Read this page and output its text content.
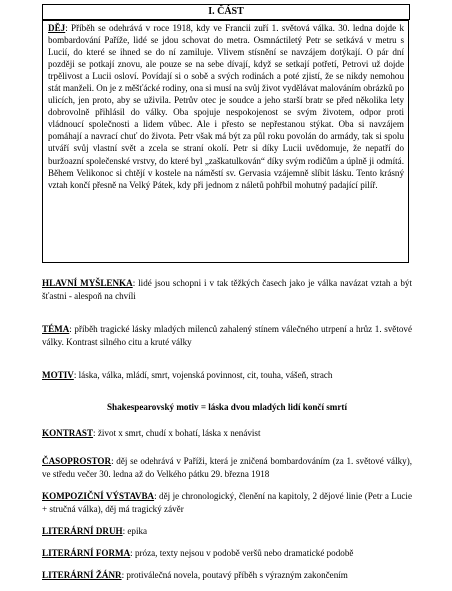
I. ČÁST

DĚJ: Příběh se odehrává v roce 1918, kdy ve Francii zuří 1. světová válka. 30. ledna dojde k bombardování Paříže, lidé se jdou schovat do metra. Osmnáctiletý Petr se setkává v metru s Lucií, do které se ihned se do ní zamiluje. Vlivem stísnění se navzájem dotýkají. O pár dní později se potkají znovu, ale pouze se na sebe dívají, když se setkají potřetí, Petrovi už dojde trpělivost a Lucii osloví. Povídají si o sobě a svých rodinách a poté zjistí, že se nikdy nemohou stát manželi. On je z měšťácké rodiny, ona si musí na svůj život vydělávat malováním obrázků po ulicích, jen proto, aby se uživila. Petrův otec je soudce a jeho starší bratr se před několika lety dobrovolně přihlásil do války. Oba spojuje nespokojenost se svým životem, odpor proti vládnoucí společnosti a lidem vůbec. Ale i přesto se nepřestanou stýkat. Oba si navzájem pomáhají a navrací chuť do života. Petr však má být za půl roku povolán do armády, tak si spolu utváří svůj vlastní svět a zcela se straní okolí. Petr si díky Lucii uvědomuje, že nepatří do buržoazní společenské vrstvy, do které byl „zaškatulkován“ díky svým rodičům a úplně ji odmítá. Během Velikonoc si chtějí v kostele na náměstí sv. Gervasia vzájemně slíbit lásku. Tento krásný vztah končí přesně na Velký Pátek, kdy při jednom z náletů pohřbil mohutný padající pilíř.

HLAVNÍ MYŠLENKA: lidé jsou schopni i v tak těžkých časech jako je válka navázat vztah a být šťastni - alespoň na chvíli

TÉMA: příběh tragické lásky mladých milenců zahalený stínem válečného utrpení a hrůz 1. světové války. Kontrast silného citu a kruté války

MOTIV: láska, válka, mládí, smrt, vojenská povinnost, cit, touha, vášeň, strach

Shakespearovský motiv = láska dvou mladých lidí končí smrtí

KONTRAST: život x smrt, chudí x bohatí, láska x nenávist

ČASOPROSTOR: děj se odehrává v Paříži, která je zničená bombardováním (za 1. světové války), ve středu večer 30. ledna až do Velkého pátku 29. března 1918

KOMPOZIČNÍ VÝSTAVBA: děj je chronologický, členění na kapitoly, 2 dějové linie (Petr a Lucie + stručná válka), děj má tragický závěr

LITERÁRNÍ DRUH: epika

LITERÁRNÍ FORMA: próza, texty nejsou v podobě veršů nebo dramatické podobě

LITERÁRNÍ ŽÁNR: protiválečná novela, poutavý příběh s výrazným zakončením
